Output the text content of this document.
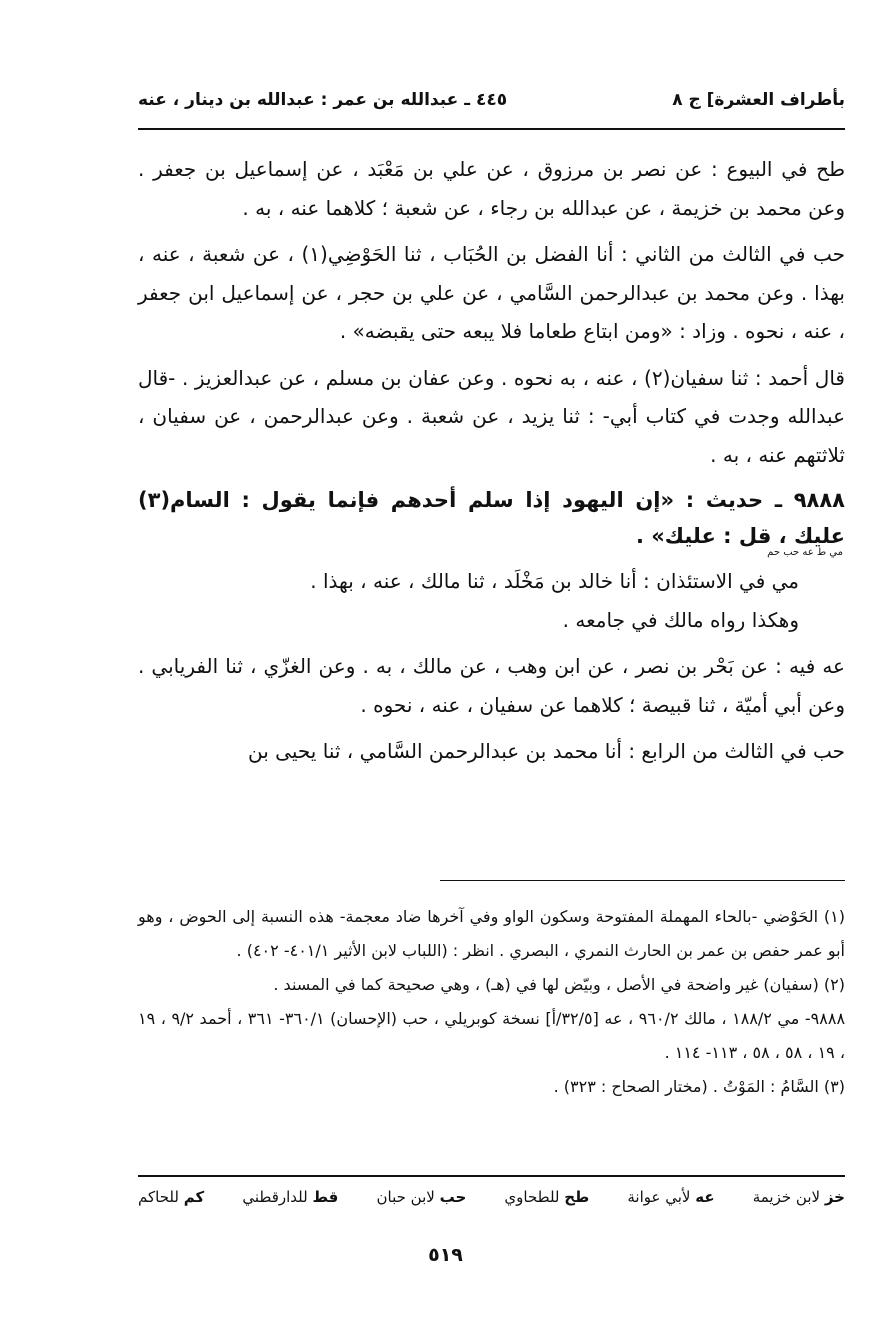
بأطراف العشرة] ج ٨
٤٤٥ ـ عبدالله بن عمر : عبدالله بن دينار ، عنه

طح في البيوع : عن نصر بن مرزوق ، عن علي بن مَعْبَد ، عن إسماعيل بن جعفر . وعن محمد بن خزيمة ، عن عبدالله بن رجاء ، عن شعبة ؛ كلاهما عنه ، به .

حب في الثالث من الثاني : أنا الفضل بن الحُبَاب ، ثنا الحَوْضِي(١) ، عن شعبة ، عنه ، بهذا . وعن محمد بن عبدالرحمن السَّامي ، عن علي بن حجر ، عن إسماعيل ابن جعفر ، عنه ، نحوه . وزاد : «ومن ابتاع طعاما فلا يبعه حتى يقبضه» .

قال أحمد : ثنا سفيان(٢) ، عنه ، به نحوه . وعن عفان بن مسلم ، عن عبدالعزيز . -قال عبدالله وجدت في كتاب أبي- : ثنا يزيد ، عن شعبة . وعن عبدالرحمن ، عن سفيان ، ثلاثتهم عنه ، به .

٩٨٨٨ ـ حديث : «إن اليهود إذا سلم أحدهم فإنما يقول : السام(٣) عليك ، قل : عليك» .

مي ط عه حب حم

مي في الاستئذان : أنا خالد بن مَخْلَد ، ثنا مالك ، عنه ، بهذا .

وهكذا رواه مالك في جامعه .

عه فيه : عن بَحْر بن نصر ، عن ابن وهب ، عن مالك ، به . وعن الغزّي ، ثنا الفريابي . وعن أبي أميّة ، ثنا قبيصة ؛ كلاهما عن سفيان ، عنه ، نحوه .

حب في الثالث من الرابع : أنا محمد بن عبدالرحمن السَّامي ، ثنا يحيى بن

(١) الحَوْضي -بالحاء المهملة المفتوحة وسكون الواو وفي آخرها ضاد معجمة- هذه النسبة إلى الحوض ، وهو أبو عمر حفص بن عمر بن الحارث النمري ، البصري . انظر : (اللباب لابن الأثير ٤٠١/١- ٤٠٢) .

(٢) (سفيان) غير واضحة في الأصل ، وبيّض لها في (هـ) ، وهي صحيحة كما في المسند .

٩٨٨٨- مي ١٨٨/٢ ، مالك ٩٦٠/٢ ، عه [٣٢/٥/أ] نسخة كوبريلي ، حب (الإحسان) ٣٦٠/١- ٣٦١ ، أحمد ٩/٢ ، ١٩ ، ١٩ ، ٥٨ ، ٥٨ ، ١١٣- ١١٤ .

(٣) السَّامُ : المَوْتُ . (مختار الصحاح : ٣٢٣) .

خز لابن خزيمة
عه لأبي عوانة
طح للطحاوي
حب لابن حبان
قط للدارقطني
كم للحاكم
٥١٩
